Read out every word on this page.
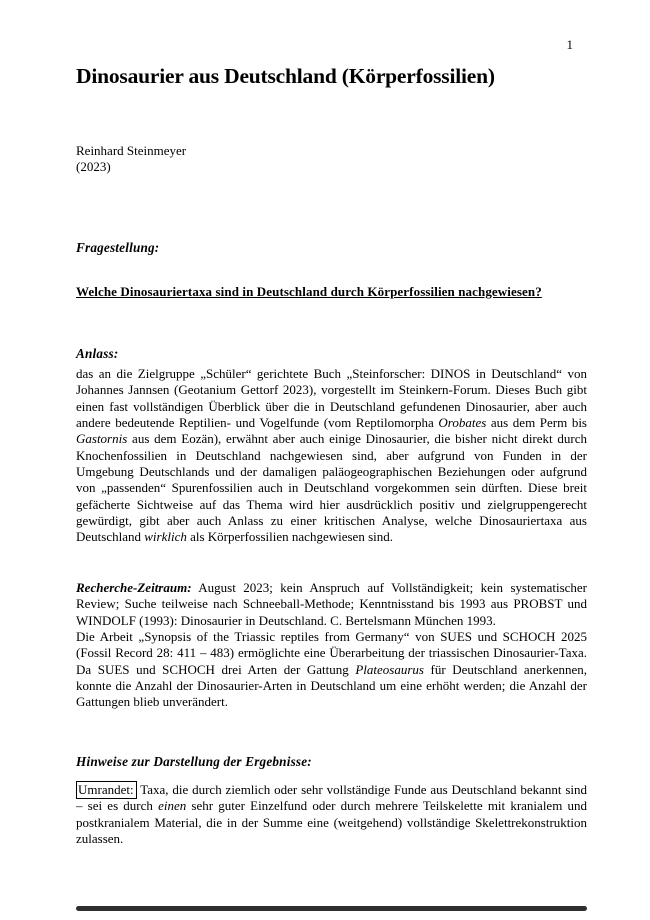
1
Dinosaurier aus Deutschland (Körperfossilien)
Reinhard Steinmeyer
(2023)
Fragestellung:
Welche Dinosauriertaxa sind in Deutschland durch Körperfossilien nachgewiesen?
Anlass:

das an die Zielgruppe „Schüler“ gerichtete Buch „Steinforscher: DINOS in Deutschland“ von Johannes Jannsen (Geotanium Gettorf 2023), vorgestellt im Steinkern-Forum. Dieses Buch gibt einen fast vollständigen Überblick über die in Deutschland gefundenen Dinosaurier, aber auch andere bedeutende Reptilien- und Vogelfunde (vom Reptilomorpha Orobates aus dem Perm bis Gastornis aus dem Eozän), erwähnt aber auch einige Dinosaurier, die bisher nicht direkt durch Knochenfossilien in Deutschland nachgewiesen sind, aber aufgrund von Funden in der Umgebung Deutschlands und der damaligen paläogeographischen Beziehungen oder aufgrund von „passenden“ Spurenfossilien auch in Deutschland vorgekommen sein dürften. Diese breit gefächerte Sichtweise auf das Thema wird hier ausdrücklich positiv und zielgruppengerecht gewürdigt, gibt aber auch Anlass zu einer kritischen Analyse, welche Dinosauriertaxa aus Deutschland wirklich als Körperfossilien nachgewiesen sind.

Recherche-Zeitraum: August 2023; kein Anspruch auf Vollständigkeit; kein systematischer Review; Suche teilweise nach Schneeball-Methode; Kenntnisstand bis 1993 aus PROBST und WINDOLF (1993): Dinosaurier in Deutschland. C. Bertelsmann München 1993.

Die Arbeit „Synopsis of the Triassic reptiles from Germany“ von SUES und SCHOCH 2025 (Fossil Record 28: 411 – 483) ermöglichte eine Überarbeitung der triassischen Dinosaurier-Taxa. Da SUES und SCHOCH drei Arten der Gattung Plateosaurus für Deutschland anerkennen, konnte die Anzahl der Dinosaurier-Arten in Deutschland um eine erhöht werden; die Anzahl der Gattungen blieb unverändert.

Hinweise zur Darstellung der Ergebnisse:

Umrandet: Taxa, die durch ziemlich oder sehr vollständige Funde aus Deutschland bekannt sind – sei es durch einen sehr guter Einzelfund oder durch mehrere Teilskelette mit kranialem und postkranialem Material, die in der Summe eine (weitgehend) vollständige Skelettrekonstruktion zulassen.
